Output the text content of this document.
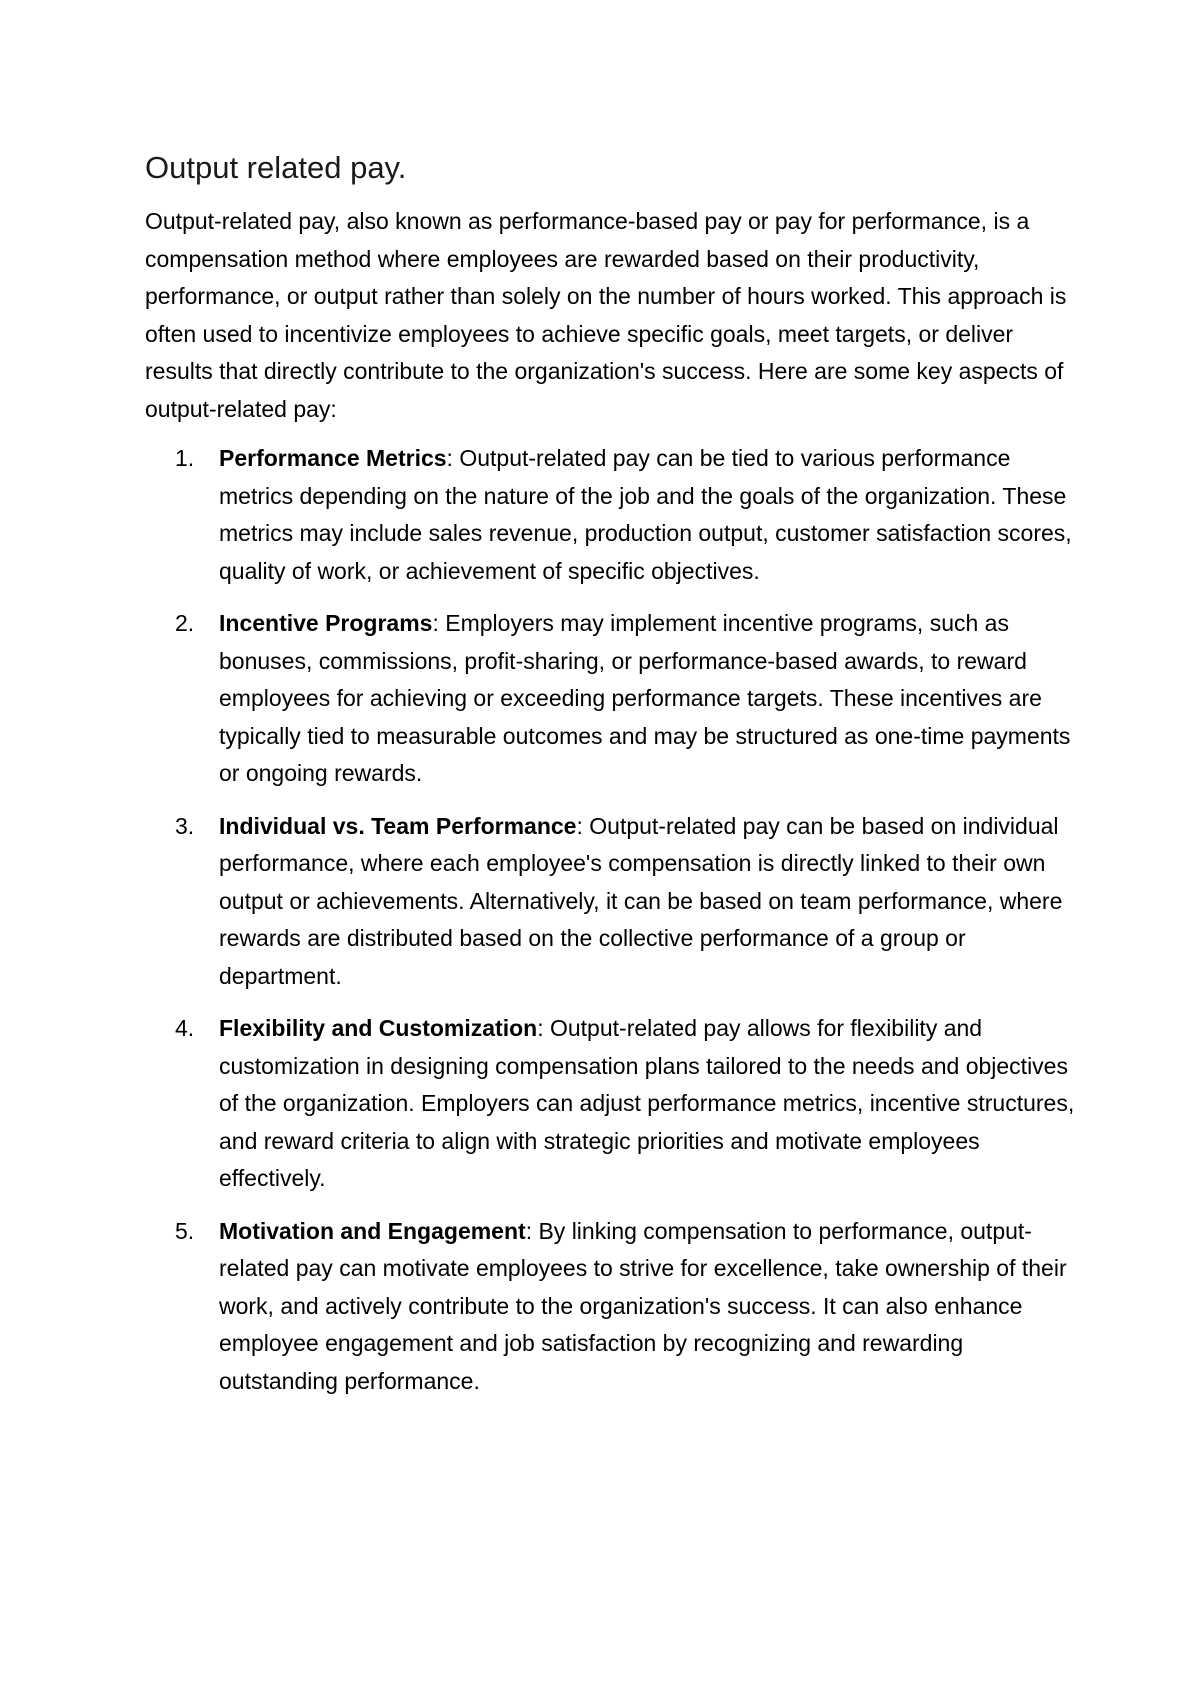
Output related pay.

Output-related pay, also known as performance-based pay or pay for performance, is a compensation method where employees are rewarded based on their productivity, performance, or output rather than solely on the number of hours worked. This approach is often used to incentivize employees to achieve specific goals, meet targets, or deliver results that directly contribute to the organization's success. Here are some key aspects of output-related pay:

1. Performance Metrics: Output-related pay can be tied to various performance metrics depending on the nature of the job and the goals of the organization. These metrics may include sales revenue, production output, customer satisfaction scores, quality of work, or achievement of specific objectives.
2. Incentive Programs: Employers may implement incentive programs, such as bonuses, commissions, profit-sharing, or performance-based awards, to reward employees for achieving or exceeding performance targets. These incentives are typically tied to measurable outcomes and may be structured as one-time payments or ongoing rewards.
3. Individual vs. Team Performance: Output-related pay can be based on individual performance, where each employee's compensation is directly linked to their own output or achievements. Alternatively, it can be based on team performance, where rewards are distributed based on the collective performance of a group or department.
4. Flexibility and Customization: Output-related pay allows for flexibility and customization in designing compensation plans tailored to the needs and objectives of the organization. Employers can adjust performance metrics, incentive structures, and reward criteria to align with strategic priorities and motivate employees effectively.
5. Motivation and Engagement: By linking compensation to performance, output-related pay can motivate employees to strive for excellence, take ownership of their work, and actively contribute to the organization's success. It can also enhance employee engagement and job satisfaction by recognizing and rewarding outstanding performance.
